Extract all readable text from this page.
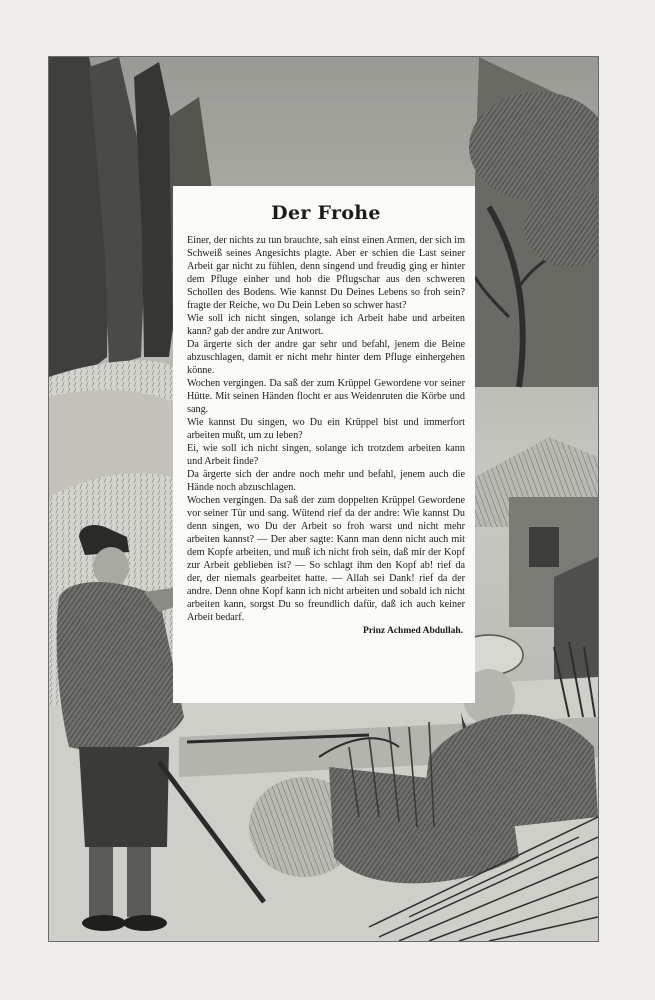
Der Frohe

Einer, der nichts zu tun brauchte, sah einst einen Armen, der sich im Schweiß seines Angesichts plagte. Aber er schien die Last seiner Arbeit gar nicht zu fühlen, denn singend und freudig ging er hinter dem Pfluge einher und hob die Pflugschar aus den schweren Schollen des Bodens. Wie kannst Du Deines Lebens so froh sein? fragte der Reiche, wo Du Dein Leben so schwer hast?

Wie soll ich nicht singen, solange ich Arbeit habe und arbeiten kann? gab der andre zur Antwort.

Da ärgerte sich der andre gar sehr und befahl, jenem die Beine abzuschlagen, damit er nicht mehr hinter dem Pfluge einhergehen könne.

Wochen vergingen. Da saß der zum Krüppel Gewordene vor seiner Hütte. Mit seinen Händen flocht er aus Weidenruten die Körbe und sang.

Wie kannst Du singen, wo Du ein Krüppel bist und immerfort arbeiten mußt, um zu leben?

Ei, wie soll ich nicht singen, solange ich trotzdem arbeiten kann und Arbeit finde?

Da ärgerte sich der andre noch mehr und befahl, jenem auch die Hände noch abzuschlagen.

Wochen vergingen. Da saß der zum doppelten Krüppel Gewordene vor seiner Tür und sang. Wütend rief da der andre: Wie kannst Du denn singen, wo Du der Arbeit so froh warst und nicht mehr arbeiten kannst? — Der aber sagte: Kann man denn nicht auch mit dem Kopfe arbeiten, und muß ich nicht froh sein, daß mir der Kopf zur Arbeit geblieben ist? — So schlagt ihm den Kopf ab! rief da der, der niemals gearbeitet hatte. — Allah sei Dank! rief da der andre. Denn ohne Kopf kann ich nicht arbeiten und sobald ich nicht arbeiten kann, sorgst Du so freundlich dafür, daß ich auch keiner Arbeit bedarf.

Prinz Achmed Abdullah.
